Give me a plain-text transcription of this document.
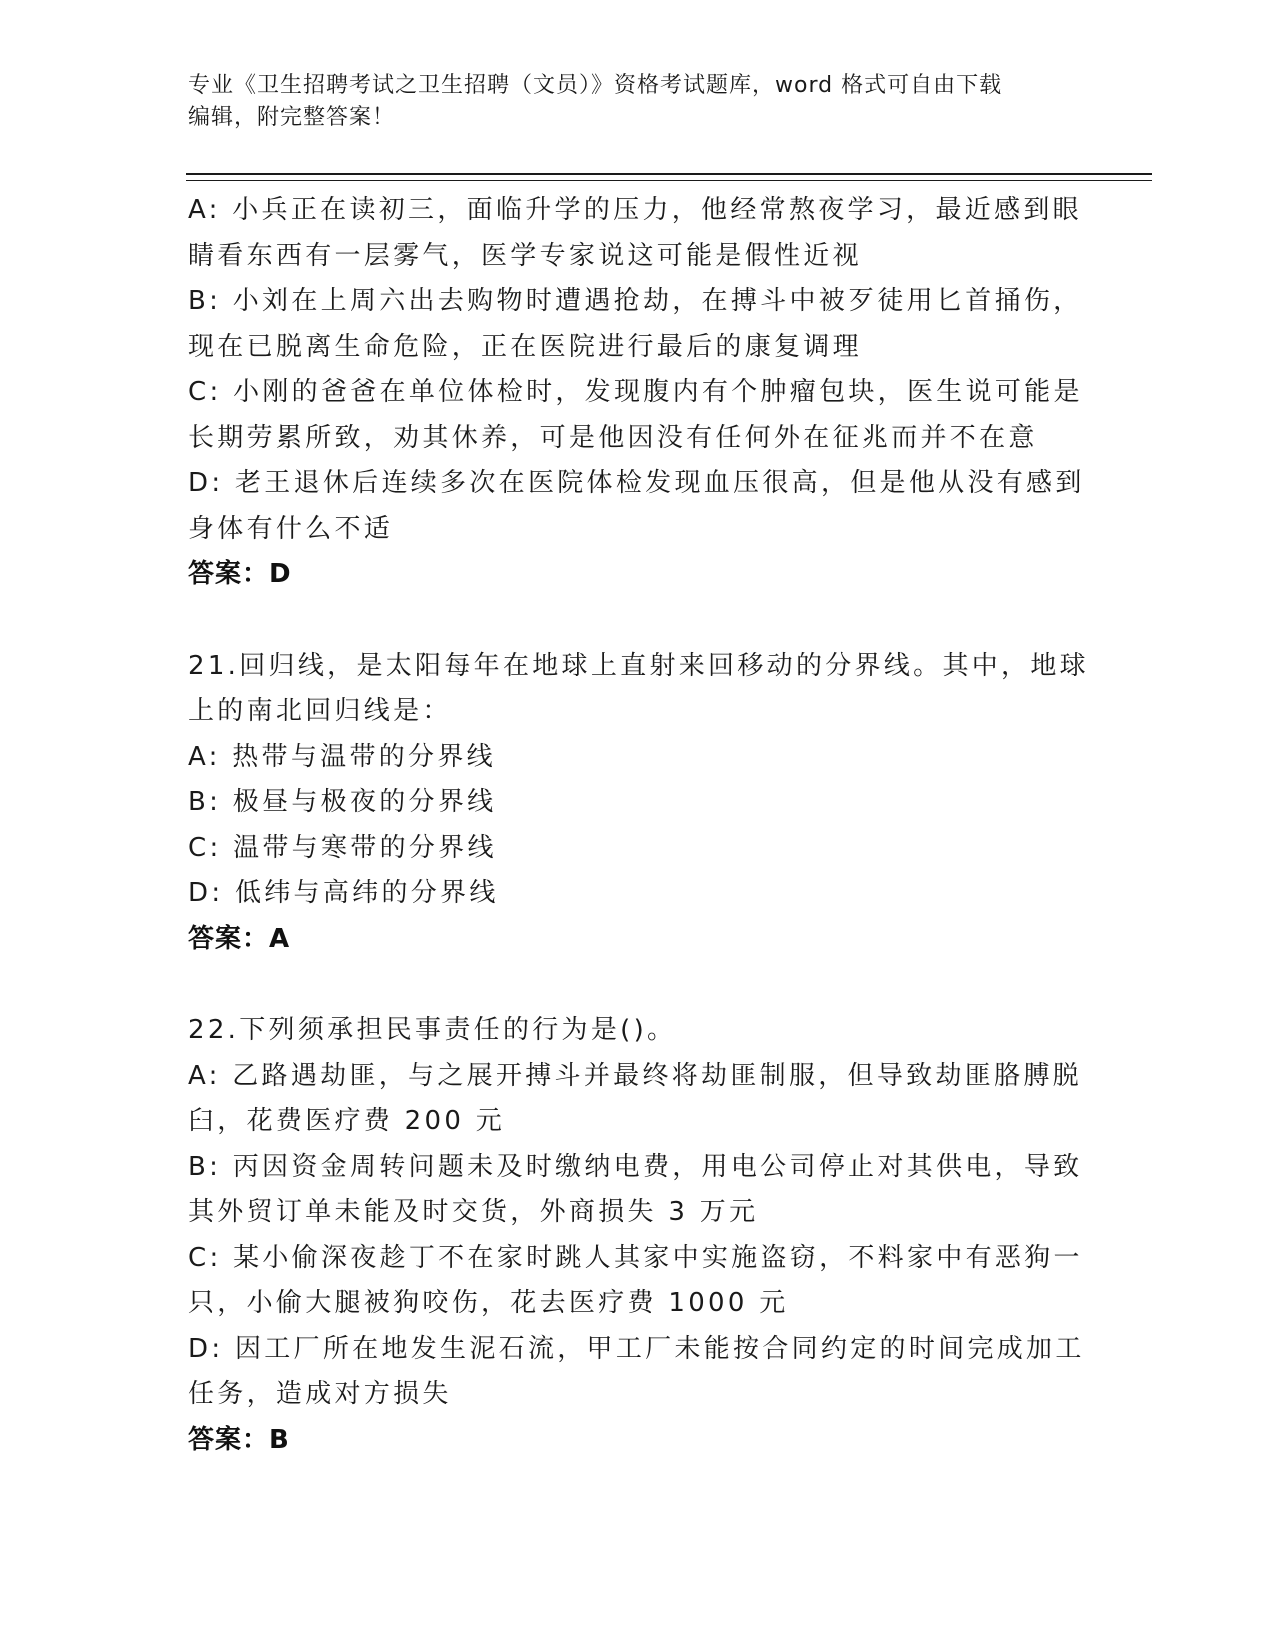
专业《卫生招聘考试之卫生招聘（文员）》资格考试题库，word 格式可自由下载
编辑，附完整答案！
A: 小兵正在读初三，面临升学的压力，他经常熬夜学习，最近感到眼
睛看东西有一层雾气，医学专家说这可能是假性近视
B: 小刘在上周六出去购物时遭遇抢劫，在搏斗中被歹徒用匕首捅伤，
现在已脱离生命危险，正在医院进行最后的康复调理
C: 小刚的爸爸在单位体检时，发现腹内有个肿瘤包块，医生说可能是
长期劳累所致，劝其休养，可是他因没有任何外在征兆而并不在意
D: 老王退休后连续多次在医院体检发现血压很高，但是他从没有感到
身体有什么不适
答案：D
21.回归线，是太阳每年在地球上直射来回移动的分界线。其中，地球
上的南北回归线是：
A: 热带与温带的分界线
B: 极昼与极夜的分界线
C: 温带与寒带的分界线
D: 低纬与高纬的分界线
答案：A
22.下列须承担民事责任的行为是()。
A: 乙路遇劫匪，与之展开搏斗并最终将劫匪制服，但导致劫匪胳膊脱
臼，花费医疗费 200 元
B: 丙因资金周转问题未及时缴纳电费，用电公司停止对其供电，导致
其外贸订单未能及时交货，外商损失 3 万元
C: 某小偷深夜趁丁不在家时跳人其家中实施盗窃，不料家中有恶狗一
只，小偷大腿被狗咬伤，花去医疗费 1000 元
D: 因工厂所在地发生泥石流，甲工厂未能按合同约定的时间完成加工
任务，造成对方损失
答案：B
